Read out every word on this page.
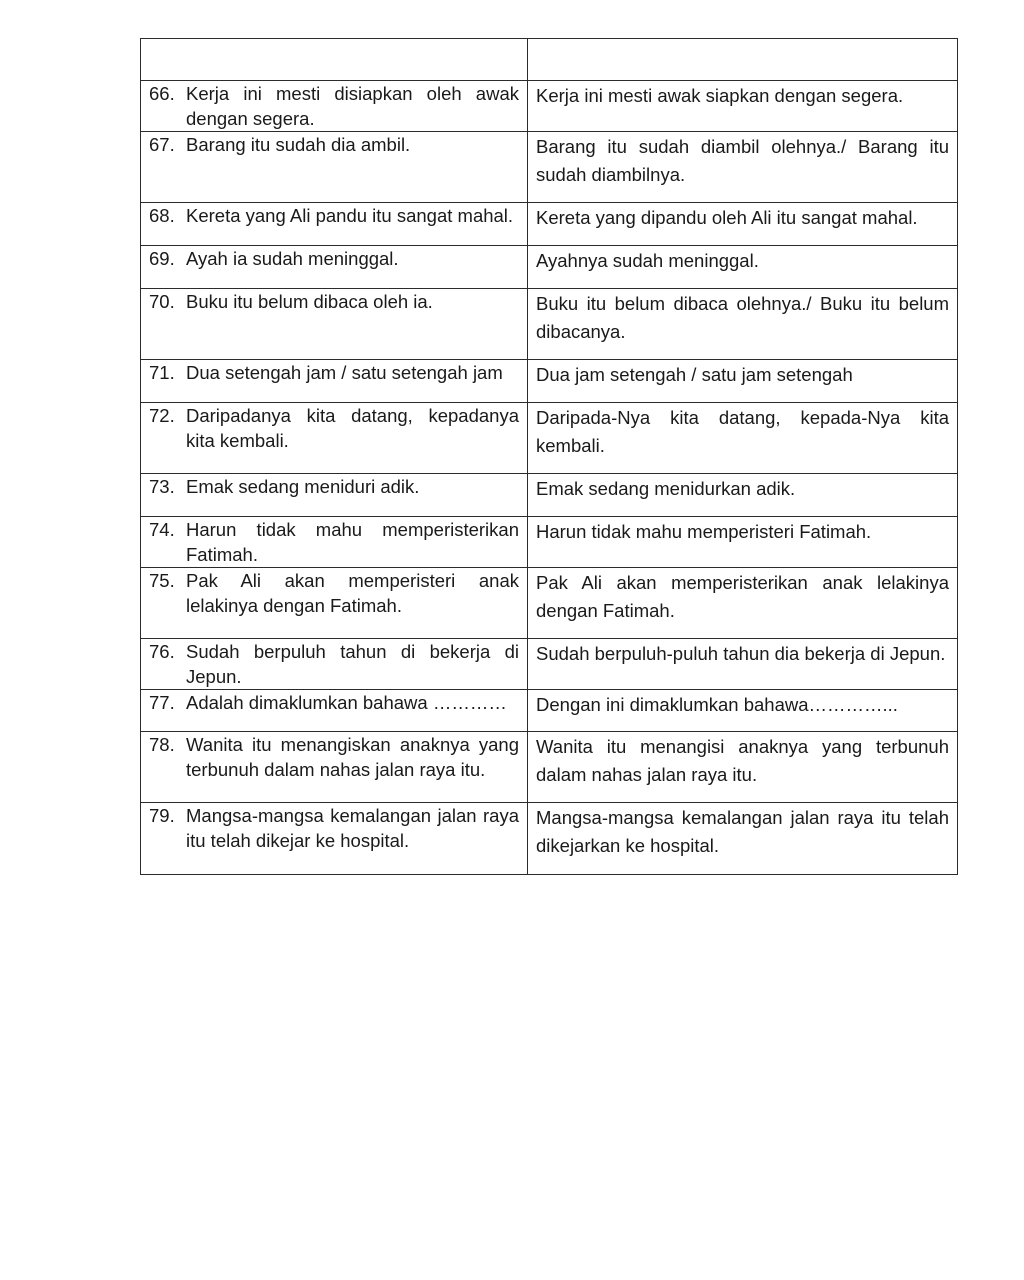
66. Kerja ini mesti disiapkan oleh awak dengan segera.	Kerja ini mesti awak siapkan dengan segera.

67. Barang itu sudah dia ambil.	Barang itu sudah diambil olehnya./ Barang itu sudah diambilnya.

68. Kereta yang Ali pandu itu sangat mahal.	Kereta yang dipandu oleh Ali itu sangat mahal.

69. Ayah ia sudah meninggal.	Ayahnya sudah meninggal.

70. Buku itu belum dibaca oleh ia.	Buku itu belum dibaca olehnya./ Buku itu belum dibacanya.

71. Dua setengah jam / satu setengah jam	Dua jam setengah / satu jam setengah

72. Daripadanya kita datang, kepadanya kita kembali.	Daripada-Nya kita datang, kepada-Nya kita kembali.

73. Emak sedang meniduri adik.	Emak sedang menidurkan adik.

74. Harun tidak mahu memperisterikan Fatimah.	Harun tidak mahu memperisteri Fatimah.

75. Pak Ali akan memperisteri anak lelakinya dengan Fatimah.	Pak Ali akan memperisterikan anak lelakinya dengan Fatimah.

76. Sudah berpuluh tahun di bekerja di Jepun.	Sudah berpuluh-puluh tahun dia bekerja di Jepun.

77. Adalah dimaklumkan bahawa …………	Dengan ini dimaklumkan bahawa…………...

78. Wanita itu menangiskan anaknya yang terbunuh dalam nahas jalan raya itu.	Wanita itu menangisi anaknya yang terbunuh dalam nahas jalan raya itu.

79. Mangsa-mangsa kemalangan jalan raya itu telah dikejar ke hospital.	Mangsa-mangsa kemalangan jalan raya itu telah dikejarkan ke hospital.
